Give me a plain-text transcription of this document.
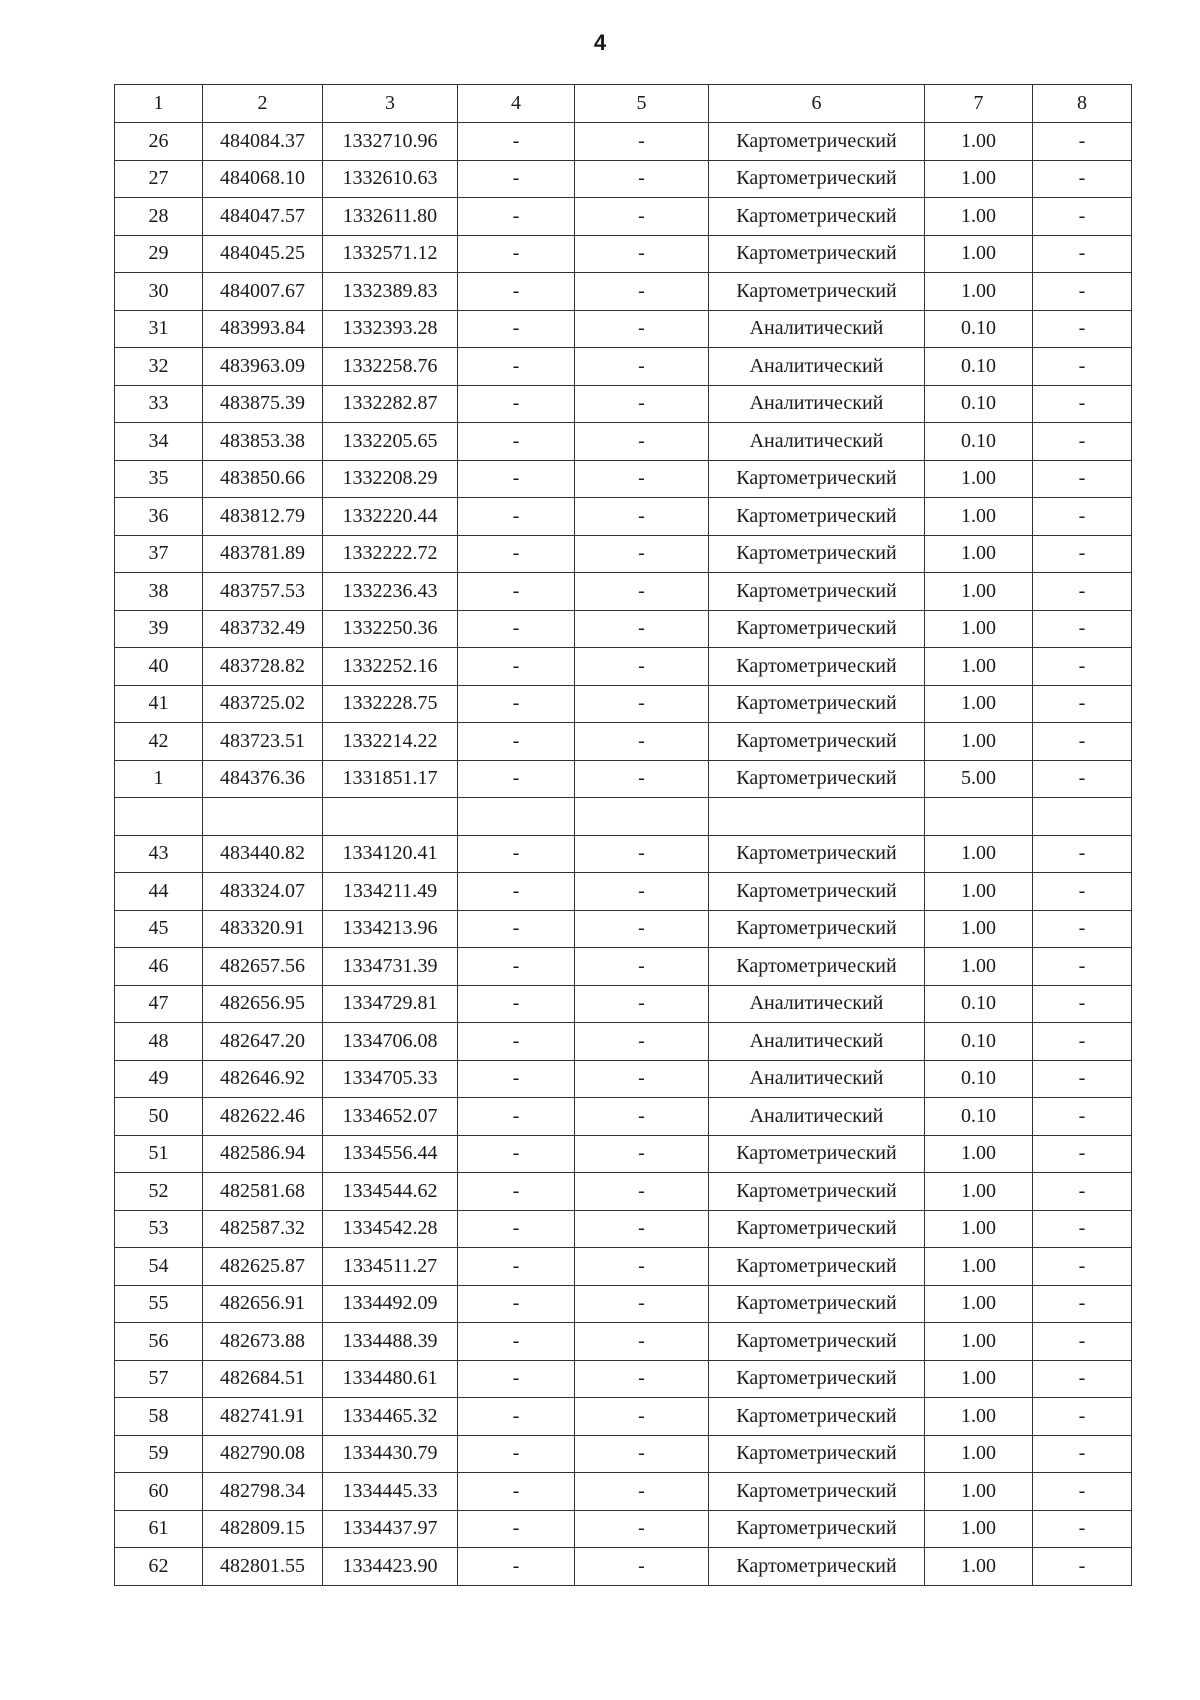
4
1	2	3	4	5	6	7	8
26	484084.37	1332710.96	-	-	Картометрический	1.00	-
27	484068.10	1332610.63	-	-	Картометрический	1.00	-
28	484047.57	1332611.80	-	-	Картометрический	1.00	-
29	484045.25	1332571.12	-	-	Картометрический	1.00	-
30	484007.67	1332389.83	-	-	Картометрический	1.00	-
31	483993.84	1332393.28	-	-	Аналитический	0.10	-
32	483963.09	1332258.76	-	-	Аналитический	0.10	-
33	483875.39	1332282.87	-	-	Аналитический	0.10	-
34	483853.38	1332205.65	-	-	Аналитический	0.10	-
35	483850.66	1332208.29	-	-	Картометрический	1.00	-
36	483812.79	1332220.44	-	-	Картометрический	1.00	-
37	483781.89	1332222.72	-	-	Картометрический	1.00	-
38	483757.53	1332236.43	-	-	Картометрический	1.00	-
39	483732.49	1332250.36	-	-	Картометрический	1.00	-
40	483728.82	1332252.16	-	-	Картометрический	1.00	-
41	483725.02	1332228.75	-	-	Картометрический	1.00	-
42	483723.51	1332214.22	-	-	Картометрический	1.00	-
1	484376.36	1331851.17	-	-	Картометрический	5.00	-

43	483440.82	1334120.41	-	-	Картометрический	1.00	-
44	483324.07	1334211.49	-	-	Картометрический	1.00	-
45	483320.91	1334213.96	-	-	Картометрический	1.00	-
46	482657.56	1334731.39	-	-	Картометрический	1.00	-
47	482656.95	1334729.81	-	-	Аналитический	0.10	-
48	482647.20	1334706.08	-	-	Аналитический	0.10	-
49	482646.92	1334705.33	-	-	Аналитический	0.10	-
50	482622.46	1334652.07	-	-	Аналитический	0.10	-
51	482586.94	1334556.44	-	-	Картометрический	1.00	-
52	482581.68	1334544.62	-	-	Картометрический	1.00	-
53	482587.32	1334542.28	-	-	Картометрический	1.00	-
54	482625.87	1334511.27	-	-	Картометрический	1.00	-
55	482656.91	1334492.09	-	-	Картометрический	1.00	-
56	482673.88	1334488.39	-	-	Картометрический	1.00	-
57	482684.51	1334480.61	-	-	Картометрический	1.00	-
58	482741.91	1334465.32	-	-	Картометрический	1.00	-
59	482790.08	1334430.79	-	-	Картометрический	1.00	-
60	482798.34	1334445.33	-	-	Картометрический	1.00	-
61	482809.15	1334437.97	-	-	Картометрический	1.00	-
62	482801.55	1334423.90	-	-	Картометрический	1.00	-
